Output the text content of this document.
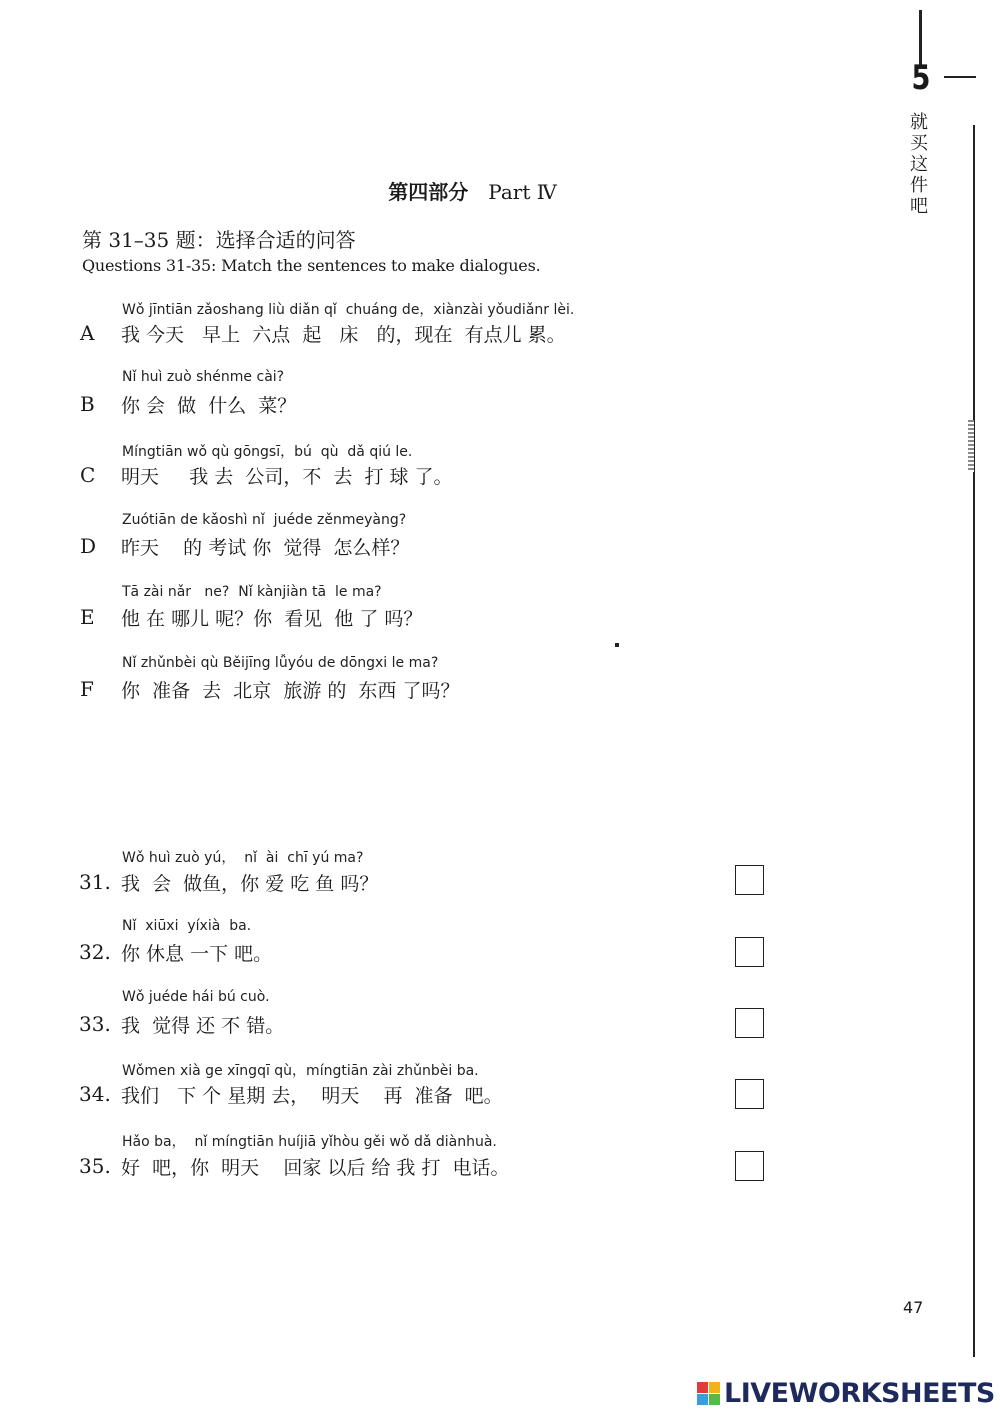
5
就买这件吧
第四部分 Part Ⅳ
第 31–35 题：选择合适的问答
Questions 31-35: Match the sentences to make dialogues.
Wǒ jīntiān zǎoshang liù diǎn qǐ  chuáng de，xiànzài yǒudiǎnr lèi.
A 我 今天   早上  六点  起   床   的，现在  有点儿 累。
Nǐ huì zuò shénme cài?
B 你 会  做  什么  菜？
Míngtiān wǒ qù gōngsī，bú  qù  dǎ qiú le.
C 明天     我 去  公司，不  去  打 球 了。
Zuótiān de kǎoshì nǐ  juéde zěnmeyàng?
D 昨天    的 考试 你  觉得  怎么样？
Tā zài nǎr   ne?  Nǐ kànjiàn tā  le ma?
E 他 在 哪儿 呢？你  看见  他 了 吗？
Nǐ zhǔnbèi qù Běijīng lǚyóu de dōngxi le ma?
F 你  准备  去  北京  旅游 的  东西 了吗？
Wǒ huì zuò yú，  nǐ  ài  chī yú ma?
31. 我  会  做鱼，你 爱 吃 鱼 吗？
Nǐ  xiūxi  yíxià  ba.
32. 你 休息 一下 吧。
Wǒ juéde hái bú cuò.
33. 我  觉得 还 不 错。
Wǒmen xià ge xīngqī qù，míngtiān zài zhǔnbèi ba.
34. 我们   下 个 星期 去，  明天    再  准备  吧。
Hǎo ba，  nǐ míngtiān huíjiā yǐhòu gěi wǒ dǎ diànhuà.
35. 好  吧，你  明天    回家 以后 给 我 打  电话。
47
LIVEWORKSHEETS
